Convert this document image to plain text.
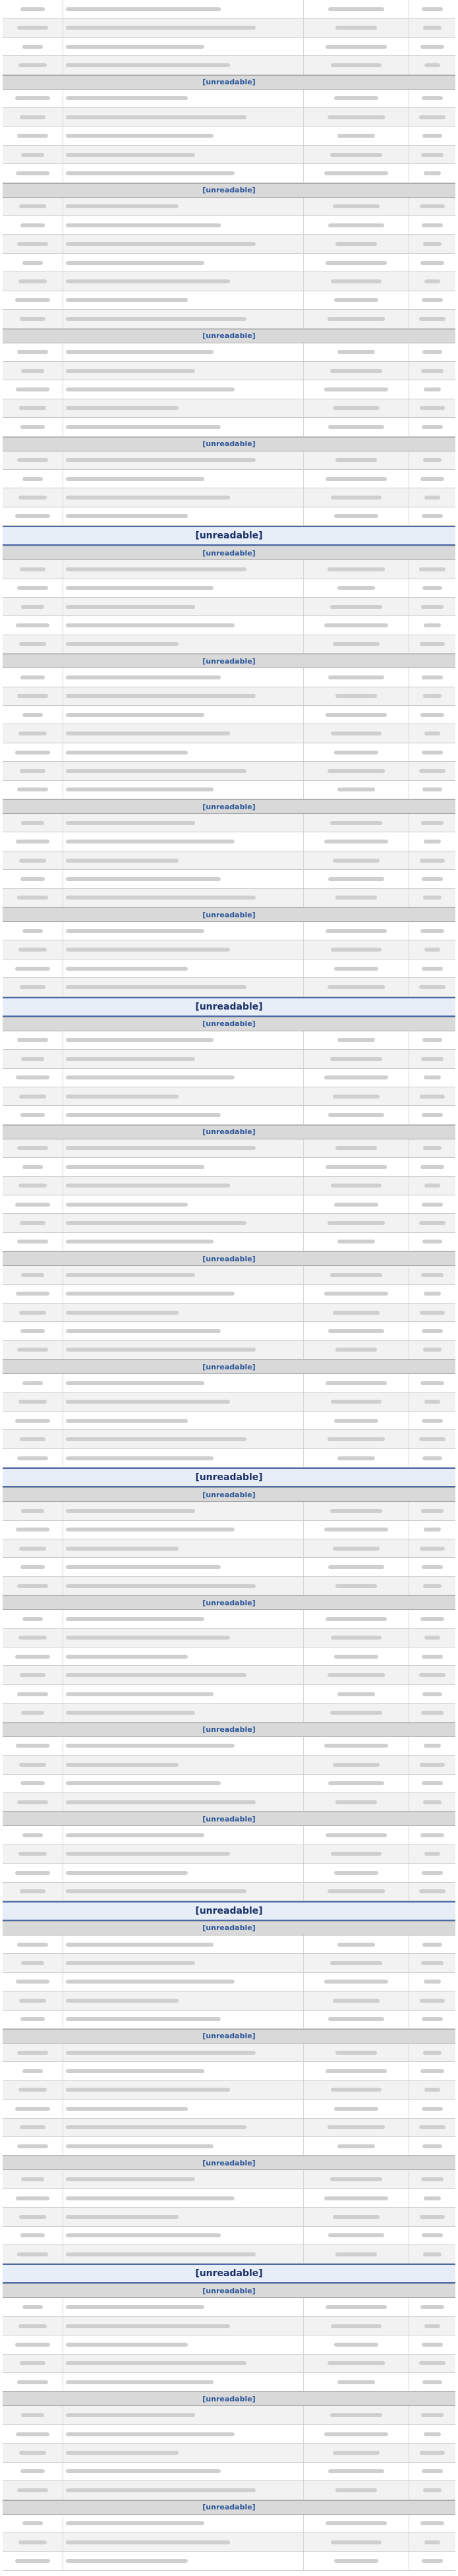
[unreadable]
[unreadable]
[unreadable]
[unreadable]
[unreadable]
[unreadable]
[unreadable]
[unreadable]
[unreadable]
[unreadable]
[unreadable]
[unreadable]
[unreadable]
[unreadable]
[unreadable]
[unreadable]
[unreadable]
[unreadable]
[unreadable]
[unreadable]
[unreadable]
[unreadable]
[unreadable]
[unreadable]
[unreadable]
[unreadable]
[unreadable]
